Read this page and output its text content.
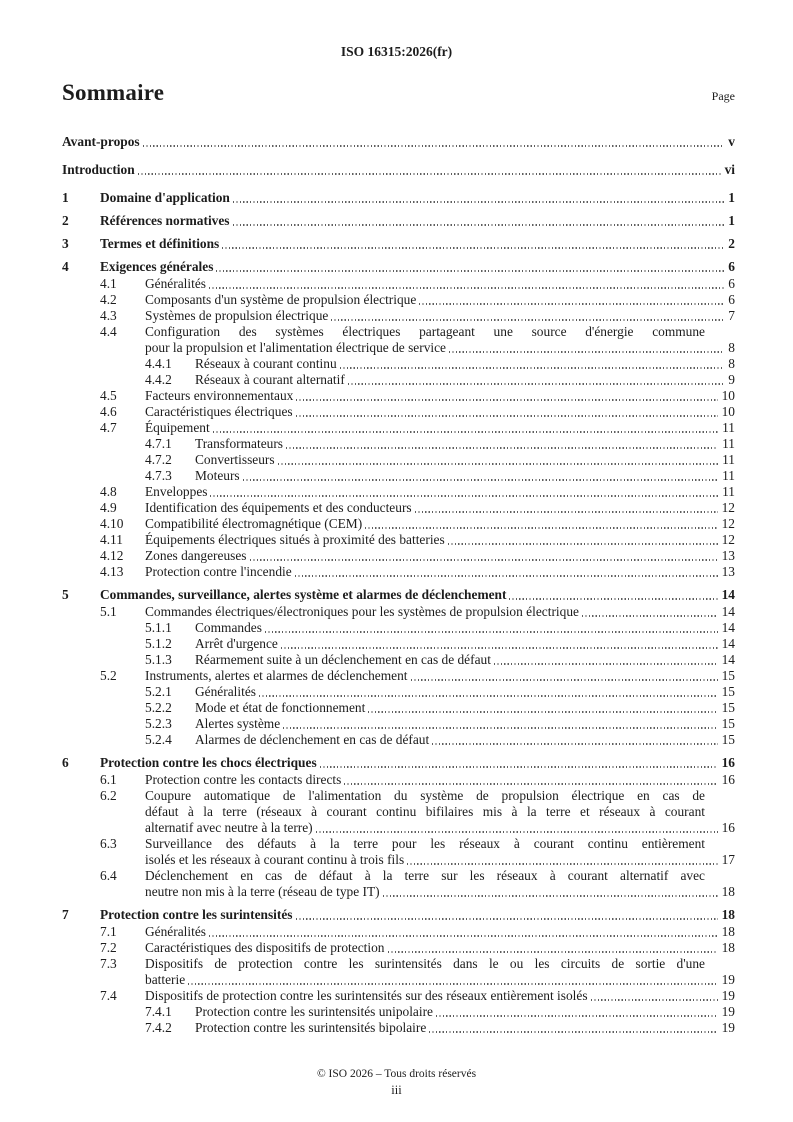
ISO 16315:2026(fr)
Sommaire	Page
Avant-propos	v
Introduction	vi
1	Domaine d'application	1
2	Références normatives	1
3	Termes et définitions	2
4	Exigences générales	6
4.1	Généralités	6
4.2	Composants d'un système de propulsion électrique	6
4.3	Systèmes de propulsion électrique	7
4.4	Configuration des systèmes électriques partageant une source d'énergie commune
pour la propulsion et l'alimentation électrique de service	8
4.4.1	Réseaux à courant continu	8
4.4.2	Réseaux à courant alternatif	9
4.5	Facteurs environnementaux	10
4.6	Caractéristiques électriques	10
4.7	Équipement	11
4.7.1	Transformateurs	11
4.7.2	Convertisseurs	11
4.7.3	Moteurs	11
4.8	Enveloppes	11
4.9	Identification des équipements et des conducteurs	12
4.10	Compatibilité électromagnétique (CEM)	12
4.11	Équipements électriques situés à proximité des batteries	12
4.12	Zones dangereuses	13
4.13	Protection contre l'incendie	13
5	Commandes, surveillance, alertes système et alarmes de déclenchement	14
5.1	Commandes électriques/électroniques pour les systèmes de propulsion électrique	14
5.1.1	Commandes	14
5.1.2	Arrêt d'urgence	14
5.1.3	Réarmement suite à un déclenchement en cas de défaut	14
5.2	Instruments, alertes et alarmes de déclenchement	15
5.2.1	Généralités	15
5.2.2	Mode et état de fonctionnement	15
5.2.3	Alertes système	15
5.2.4	Alarmes de déclenchement en cas de défaut	15
6	Protection contre les chocs électriques	16
6.1	Protection contre les contacts directs	16
6.2	Coupure automatique de l'alimentation du système de propulsion électrique en cas de
défaut à la terre (réseaux à courant continu bifilaires mis à la terre et réseaux à courant
alternatif avec neutre à la terre)	16
6.3	Surveillance des défauts à la terre pour les réseaux à courant continu entièrement
isolés et les réseaux à courant continu à trois fils	17
6.4	Déclenchement en cas de défaut à la terre sur les réseaux à courant alternatif avec
neutre non mis à la terre (réseau de type IT)	18
7	Protection contre les surintensités	18
7.1	Généralités	18
7.2	Caractéristiques des dispositifs de protection	18
7.3	Dispositifs de protection contre les surintensités dans le ou les circuits de sortie d'une
batterie	19
7.4	Dispositifs de protection contre les surintensités sur des réseaux entièrement isolés	19
7.4.1	Protection contre les surintensités unipolaire	19
7.4.2	Protection contre les surintensités bipolaire	19
© ISO 2026 – Tous droits réservés
iii
